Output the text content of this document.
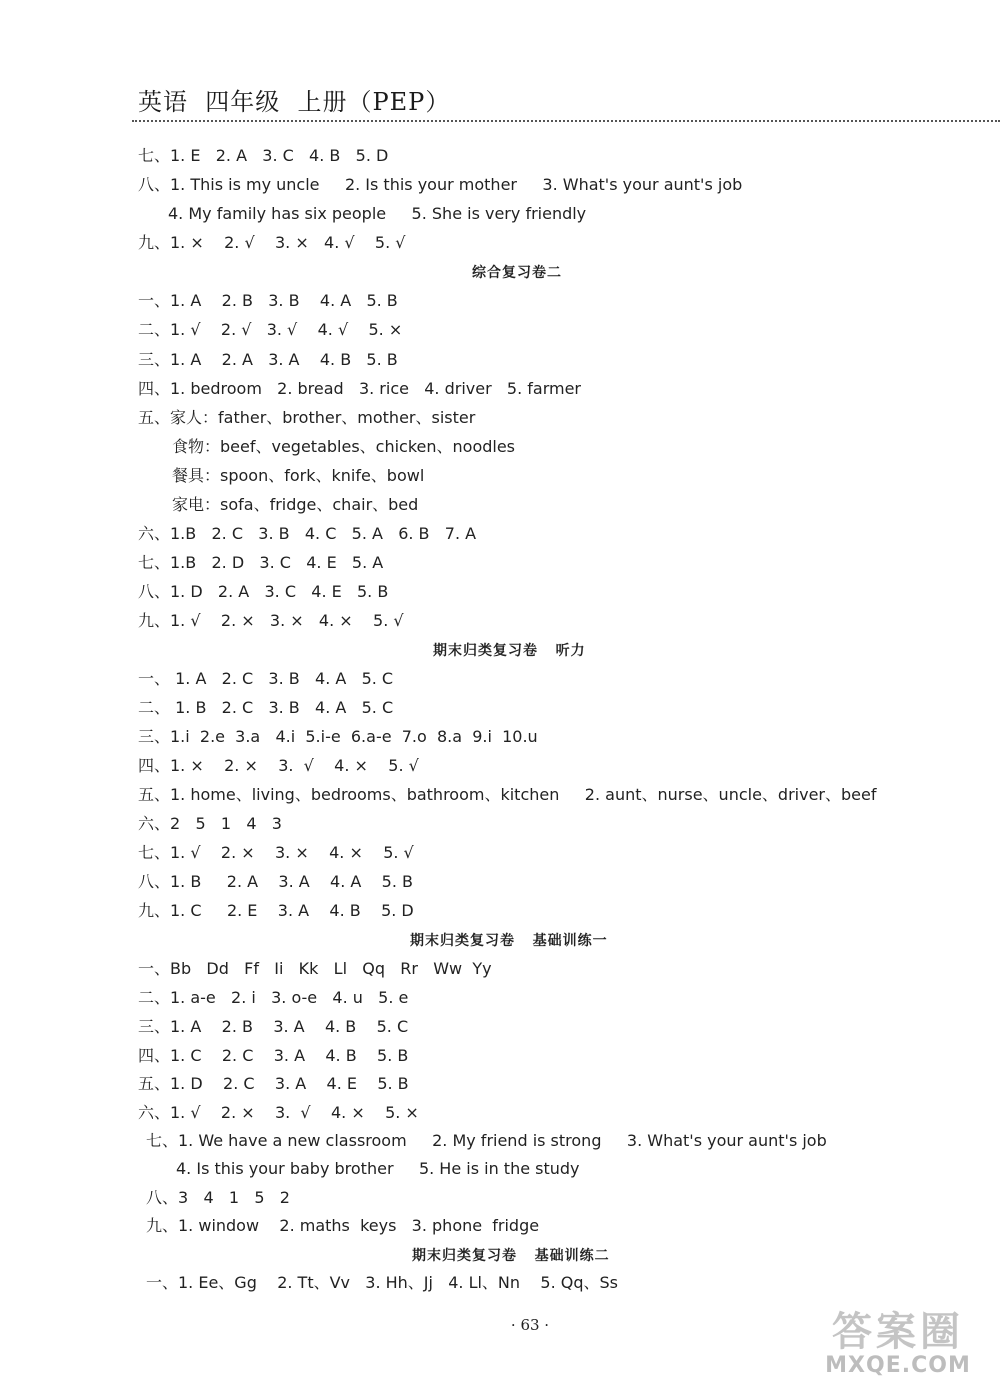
英语  四年级  上册（PEP）
七、1. E   2. A   3. C   4. B   5. D
八、1. This is my uncle     2. Is this your mother     3. What's your aunt's job
4. My family has six people     5. She is very friendly
九、1. ×    2. √    3. ×   4. √    5. √
综合复习卷二
一、1. A    2. B   3. B    4. A   5. B
二、1. √    2. √   3. √    4. √    5. ×
三、1. A    2. A   3. A    4. B   5. B
四、1. bedroom   2. bread   3. rice   4. driver   5. farmer
五、家人：father、brother、mother、sister
食物：beef、vegetables、chicken、noodles
餐具：spoon、fork、knife、bowl
家电：sofa、fridge、chair、bed
六、1.B   2. C   3. B   4. C   5. A   6. B   7. A
七、1.B   2. D   3. C   4. E   5. A
八、1. D   2. A   3. C   4. E   5. B
九、1. √    2. ×   3. ×   4. ×    5. √
期末归类复习卷   听力
一、 1. A   2. C   3. B   4. A   5. C
二、 1. B   2. C   3. B   4. A   5. C
三、1.i  2.e  3.a   4.i  5.i-e  6.a-e  7.o  8.a  9.i  10.u
四、1. ×    2. ×    3.  √    4. ×    5. √
五、1. home、living、bedrooms、bathroom、kitchen     2. aunt、nurse、uncle、driver、beef
六、2   5   1   4   3
七、1. √    2. ×    3. ×    4. ×    5. √
八、1. B     2. A    3. A    4. A    5. B
九、1. C     2. E    3. A    4. B    5. D
期末归类复习卷   基础训练一
一、Bb   Dd   Ff   Ii   Kk   Ll   Qq   Rr   Ww  Yy
二、1. a-e   2. i   3. o-e   4. u   5. e
三、1. A    2. B    3. A    4. B    5. C
四、1. C    2. C    3. A    4. B    5. B
五、1. D    2. C    3. A    4. E    5. B
六、1. √    2. ×    3.  √    4. ×    5. ×
七、1. We have a new classroom     2. My friend is strong     3. What's your aunt's job
4. Is this your baby brother     5. He is in the study
八、3   4   1   5   2
九、1. window    2. maths  keys   3. phone  fridge
期末归类复习卷   基础训练二
一、1. Ee、Gg    2. Tt、Vv   3. Hh、Jj   4. Ll、Nn    5. Qq、Ss
· 63 ·	答案圈
MXQE.COM
